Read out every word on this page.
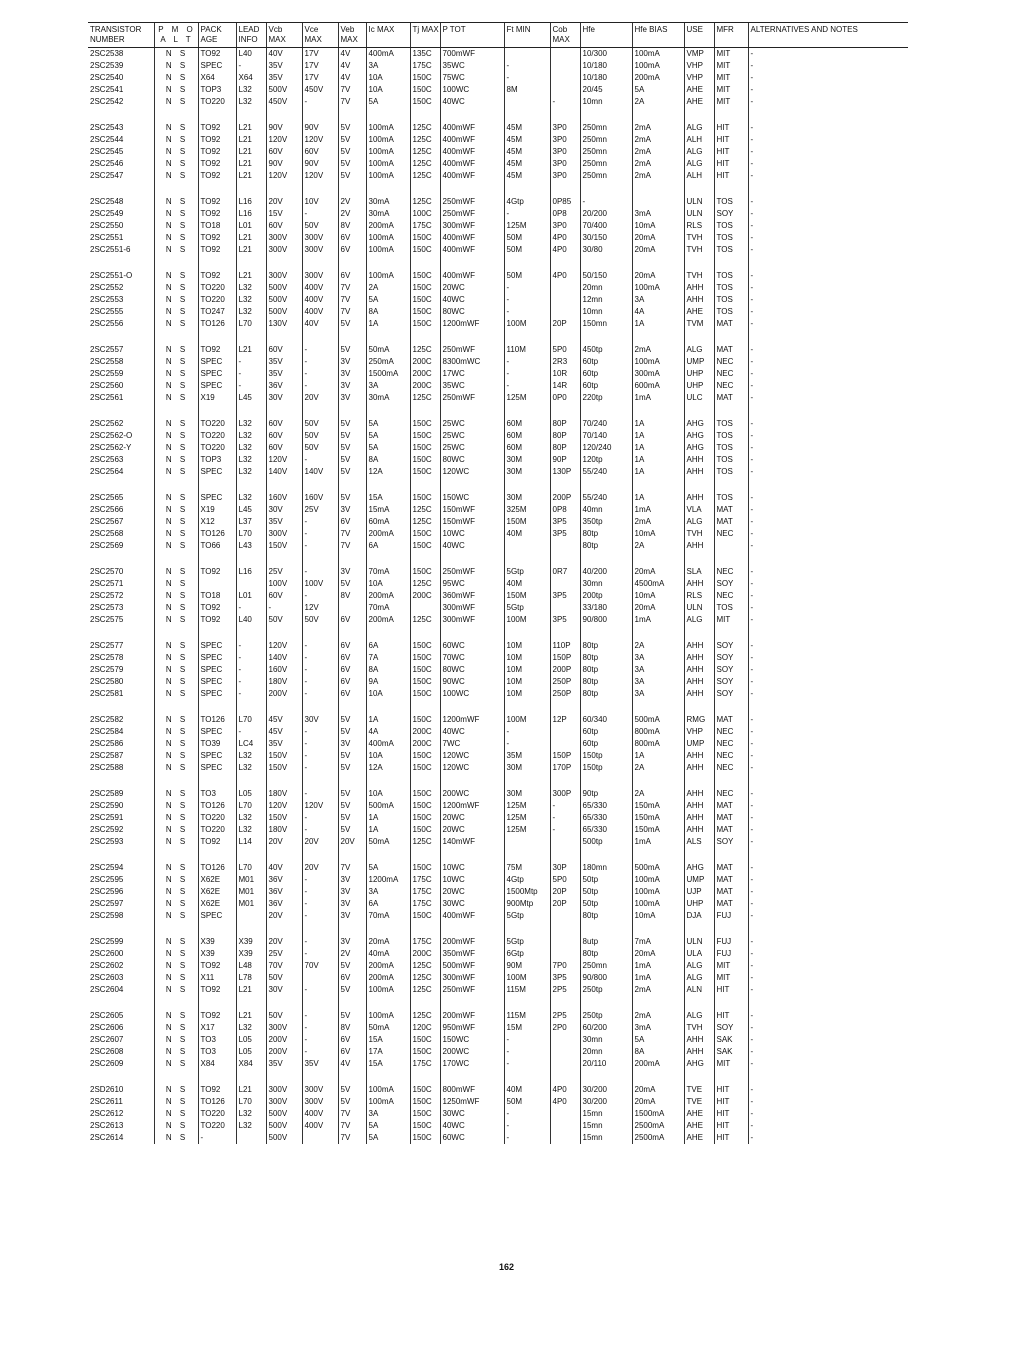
TRANSISTOR NUMBER	P M O A L T	PACK AGE	LEAD INFO	Vcb MAX	Vce MAX	Veb MAX	Ic MAX	Tj MAX	P TOT	Ft MIN	Cob MAX	Hfe	Hfe BIAS	USE	MFR	ALTERNATIVES AND NOTES
2SC2538	N S	TO92	L40	40V	17V	4V	400mA	135C	700mWF			10/300	100mA	VMP	MIT	-
2SC2539	N S	SPEC	-	35V	17V	4V	3A	175C	35WC	-		10/180	100mA	VHP	MIT	-
2SC2540	N S	X64	X64	35V	17V	4V	10A	150C	75WC	-		10/180	200mA	VHP	MIT	-
2SC2541	N S	TOP3	L32	500V	450V	7V	10A	150C	100WC	8M		20/45	5A	AHE	MIT	-
2SC2542	N S	TO220	L32	450V	-	7V	5A	150C	40WC		-	10mn	2A	AHE	MIT	-

2SC2543	N S	TO92	L21	90V	90V	5V	100mA	125C	400mWF	45M	3P0	250mn	2mA	ALG	HIT	-
2SC2544	N S	TO92	L21	120V	120V	5V	100mA	125C	400mWF	45M	3P0	250mn	2mA	ALH	HIT	-
2SC2545	N S	TO92	L21	60V	60V	5V	100mA	125C	400mWF	45M	3P0	250mn	2mA	ALG	HIT	-
2SC2546	N S	TO92	L21	90V	90V	5V	100mA	125C	400mWF	45M	3P0	250mn	2mA	ALG	HIT	-
2SC2547	N S	TO92	L21	120V	120V	5V	100mA	125C	400mWF	45M	3P0	250mn	2mA	ALH	HIT	-

2SC2548	N S	TO92	L16	20V	10V	2V	30mA	125C	250mWF	4Gtp	0P85	-		ULN	TOS	-
2SC2549	N S	TO92	L16	15V	-	2V	30mA	100C	250mWF	-	0P8	20/200	3mA	ULN	SOY	-
2SC2550	N S	TO18	L01	60V	50V	8V	200mA	175C	300mWF	125M	3P0	70/400	10mA	RLS	TOS	-
2SC2551	N S	TO92	L21	300V	300V	6V	100mA	150C	400mWF	50M	4P0	30/150	20mA	TVH	TOS	-
2SC2551-6	N S	TO92	L21	300V	300V	6V	100mA	150C	400mWF	50M	4P0	30/80	20mA	TVH	TOS	-

2SC2551-O	N S	TO92	L21	300V	300V	6V	100mA	150C	400mWF	50M	4P0	50/150	20mA	TVH	TOS	-
2SC2552	N S	TO220	L32	500V	400V	7V	2A	150C	20WC	-		20mn	100mA	AHH	TOS	-
2SC2553	N S	TO220	L32	500V	400V	7V	5A	150C	40WC	-		12mn	3A	AHH	TOS	-
2SC2555	N S	TO247	L32	500V	400V	7V	8A	150C	80WC	-		10mn	4A	AHE	TOS	-
2SC2556	N S	TO126	L70	130V	40V	5V	1A	150C	1200mWF	100M	20P	150mn	1A	TVM	MAT	-

2SC2557	N S	TO92	L21	60V	-	5V	50mA	125C	250mWF	110M	5P0	450tp	2mA	ALG	MAT	-
2SC2558	N S	SPEC	-	35V	-	3V	250mA	200C	8300mWC	-	2R3	60tp	100mA	UMP	NEC	-
2SC2559	N S	SPEC	-	35V	-	3V	1500mA	200C	17WC	-	10R	60tp	300mA	UHP	NEC	-
2SC2560	N S	SPEC	-	36V	-	3V	3A	200C	35WC	-	14R	60tp	600mA	UHP	NEC	-
2SC2561	N S	X19	L45	30V	20V	3V	30mA	125C	250mWF	125M	0P0	220tp	1mA	ULC	MAT	-

2SC2562	N S	TO220	L32	60V	50V	5V	5A	150C	25WC	60M	80P	70/240	1A	AHG	TOS	-
2SC2562-O	N S	TO220	L32	60V	50V	5V	5A	150C	25WC	60M	80P	70/140	1A	AHG	TOS	-
2SC2562-Y	N S	TO220	L32	60V	50V	5V	5A	150C	25WC	60M	80P	120/240	1A	AHG	TOS	-
2SC2563	N S	TOP3	L32	120V	-	5V	8A	150C	80WC	30M	90P	120tp	1A	AHH	TOS	-
2SC2564	N S	SPEC	L32	140V	140V	5V	12A	150C	120WC	30M	130P	55/240	1A	AHH	TOS	-

2SC2565	N S	SPEC	L32	160V	160V	5V	15A	150C	150WC	30M	200P	55/240	1A	AHH	TOS	-
2SC2566	N S	X19	L45	30V	25V	3V	15mA	125C	150mWF	325M	0P8	40mn	1mA	VLA	MAT	-
2SC2567	N S	X12	L37	35V	-	6V	60mA	125C	150mWF	150M	3P5	350tp	2mA	ALG	MAT	-
2SC2568	N S	TO126	L70	300V	-	7V	200mA	150C	10WC	40M	3P5	80tp	10mA	TVH	NEC	-
2SC2569	N S	TO66	L43	150V	-	7V	6A	150C	40WC			80tp	2A	AHH		-

2SC2570	N S	TO92	L16	25V	-	3V	70mA	150C	250mWF	5Gtp	0R7	40/200	20mA	SLA	NEC	-
2SC2571	N S			100V	100V	5V	10A	125C	95WC	40M		30mn	4500mA	AHH	SOY	-
2SC2572	N S	TO18	L01	60V	-	8V	200mA	200C	360mWF	150M	3P5	200tp	10mA	RLS	NEC	-
2SC2573	N S	TO92	-	-	12V		70mA		300mWF	5Gtp		33/180	20mA	ULN	TOS	-
2SC2575	N S	TO92	L40	50V	50V	6V	200mA	125C	300mWF	100M	3P5	90/800	1mA	ALG	MIT	-

2SC2577	N S	SPEC	-	120V	-	6V	6A	150C	60WC	10M	110P	80tp	2A	AHH	SOY	-
2SC2578	N S	SPEC	-	140V	-	6V	7A	150C	70WC	10M	150P	80tp	3A	AHH	SOY	-
2SC2579	N S	SPEC	-	160V	-	6V	8A	150C	80WC	10M	200P	80tp	3A	AHH	SOY	-
2SC2580	N S	SPEC	-	180V	-	6V	9A	150C	90WC	10M	250P	80tp	3A	AHH	SOY	-
2SC2581	N S	SPEC	-	200V	-	6V	10A	150C	100WC	10M	250P	80tp	3A	AHH	SOY	-

2SC2582	N S	TO126	L70	45V	30V	5V	1A	150C	1200mWF	100M	12P	60/340	500mA	RMG	MAT	-
2SC2584	N S	SPEC	-	45V	-	5V	4A	200C	40WC	-		60tp	800mA	VHP	NEC	-
2SC2586	N S	TO39	LC4	35V	-	3V	400mA	200C	7WC	-		60tp	800mA	UMP	NEC	-
2SC2587	N S	SPEC	L32	150V	-	5V	10A	150C	120WC	35M	150P	150tp	1A	AHH	NEC	-
2SC2588	N S	SPEC	L32	150V	-	5V	12A	150C	120WC	30M	170P	150tp	2A	AHH	NEC	-

2SC2589	N S	TO3	L05	180V	-	5V	10A	150C	200WC	30M	300P	90tp	2A	AHH	NEC	-
2SC2590	N S	TO126	L70	120V	120V	5V	500mA	150C	1200mWF	125M	-	65/330	150mA	AHH	MAT	-
2SC2591	N S	TO220	L32	150V	-	5V	1A	150C	20WC	125M	-	65/330	150mA	AHH	MAT	-
2SC2592	N S	TO220	L32	180V	-	5V	1A	150C	20WC	125M	-	65/330	150mA	AHH	MAT	-
2SC2593	N S	TO92	L14	20V	20V	20V	50mA	125C	140mWF			500tp	1mA	ALS	SOY	-

2SC2594	N S	TO126	L70	40V	20V	7V	5A	150C	10WC	75M	30P	180mn	500mA	AHG	MAT	-
2SC2595	N S	X62E	M01	36V	-	3V	1200mA	175C	10WC	4Gtp	5P0	50tp	100mA	UMP	MAT	-
2SC2596	N S	X62E	M01	36V	-	3V	3A	175C	20WC	1500Mtp	20P	50tp	100mA	UJP	MAT	-
2SC2597	N S	X62E	M01	36V	-	3V	6A	175C	30WC	900Mtp	20P	50tp	100mA	UHP	MAT	-
2SC2598	N S	SPEC		20V	-	3V	70mA	150C	400mWF	5Gtp		80tp	10mA	DJA	FUJ	-

2SC2599	N S	X39	X39	20V	-	3V	20mA	175C	200mWF	5Gtp		8utp	7mA	ULN	FUJ	-
2SC2600	N S	X39	X39	25V	-	2V	40mA	200C	350mWF	6Gtp		80tp	20mA	ULA	FUJ	-
2SC2602	N S	TO92	L48	70V	70V	5V	200mA	125C	500mWF	90M	7P0	250mn	1mA	ALG	MIT	-
2SC2603	N S	X11	L78	50V		6V	200mA	125C	300mWF	100M	3P5	90/800	1mA	ALG	MIT	-
2SC2604	N S	TO92	L21	30V	-	5V	100mA	125C	250mWF	115M	2P5	250tp	2mA	ALN	HIT	-

2SC2605	N S	TO92	L21	50V	-	5V	100mA	125C	200mWF	115M	2P5	250tp	2mA	ALG	HIT	-
2SC2606	N S	X17	L32	300V	-	8V	50mA	120C	950mWF	15M	2P0	60/200	3mA	TVH	SOY	-
2SC2607	N S	TO3	L05	200V	-	6V	15A	150C	150WC	-		30mn	5A	AHH	SAK	-
2SC2608	N S	TO3	L05	200V	-	6V	17A	150C	200WC	-		20mn	8A	AHH	SAK	-
2SC2609	N S	X84	X84	35V	35V	4V	15A	175C	170WC	-		20/110	200mA	AHG	MIT	-

2SD2610	N S	TO92	L21	300V	300V	5V	100mA	150C	800mWF	40M	4P0	30/200	20mA	TVE	HIT	-
2SC2611	N S	TO126	L70	300V	300V	5V	100mA	150C	1250mWF	50M	4P0	30/200	20mA	TVE	HIT	-
2SC2612	N S	TO220	L32	500V	400V	7V	3A	150C	30WC	-		15mn	1500mA	AHE	HIT	-
2SC2613	N S	TO220	L32	500V	400V	7V	5A	150C	40WC	-		15mn	2500mA	AHE	HIT	-
2SC2614	N S	-		500V		7V	5A	150C	60WC	-		15mn	2500mA	AHE	HIT	-
162
